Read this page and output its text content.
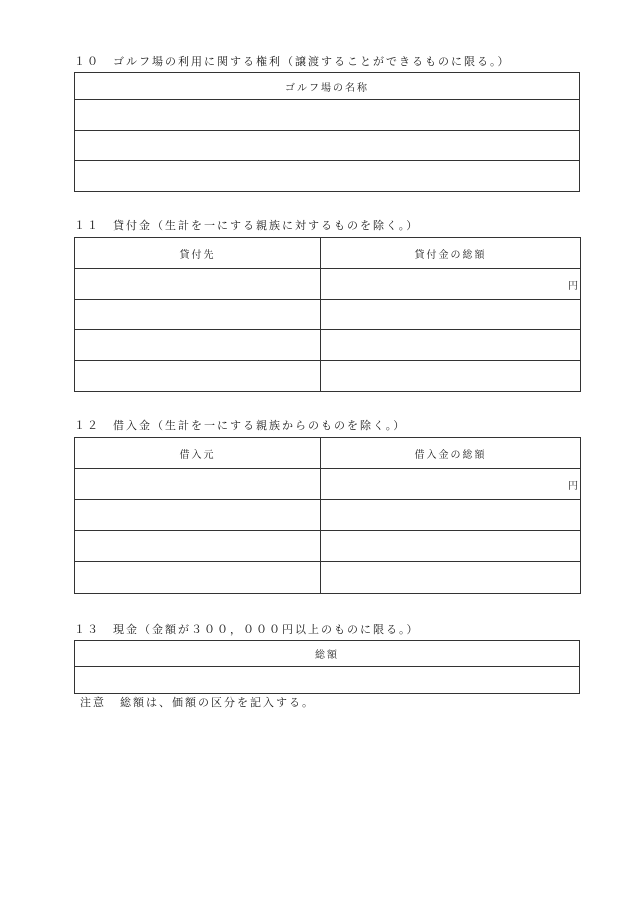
１０　ゴルフ場の利用に関する権利（譲渡することができるものに限る。）
ゴルフ場の名称

１１　貸付金（生計を一にする親族に対するものを除く。）
貸付先	貸付金の総額
	円

１２　借入金（生計を一にする親族からのものを除く。）
借入元	借入金の総額
	円

１３　現金（金額が３００，０００円以上のものに限る。）
総額

注意 総額は、価額の区分を記入する。
